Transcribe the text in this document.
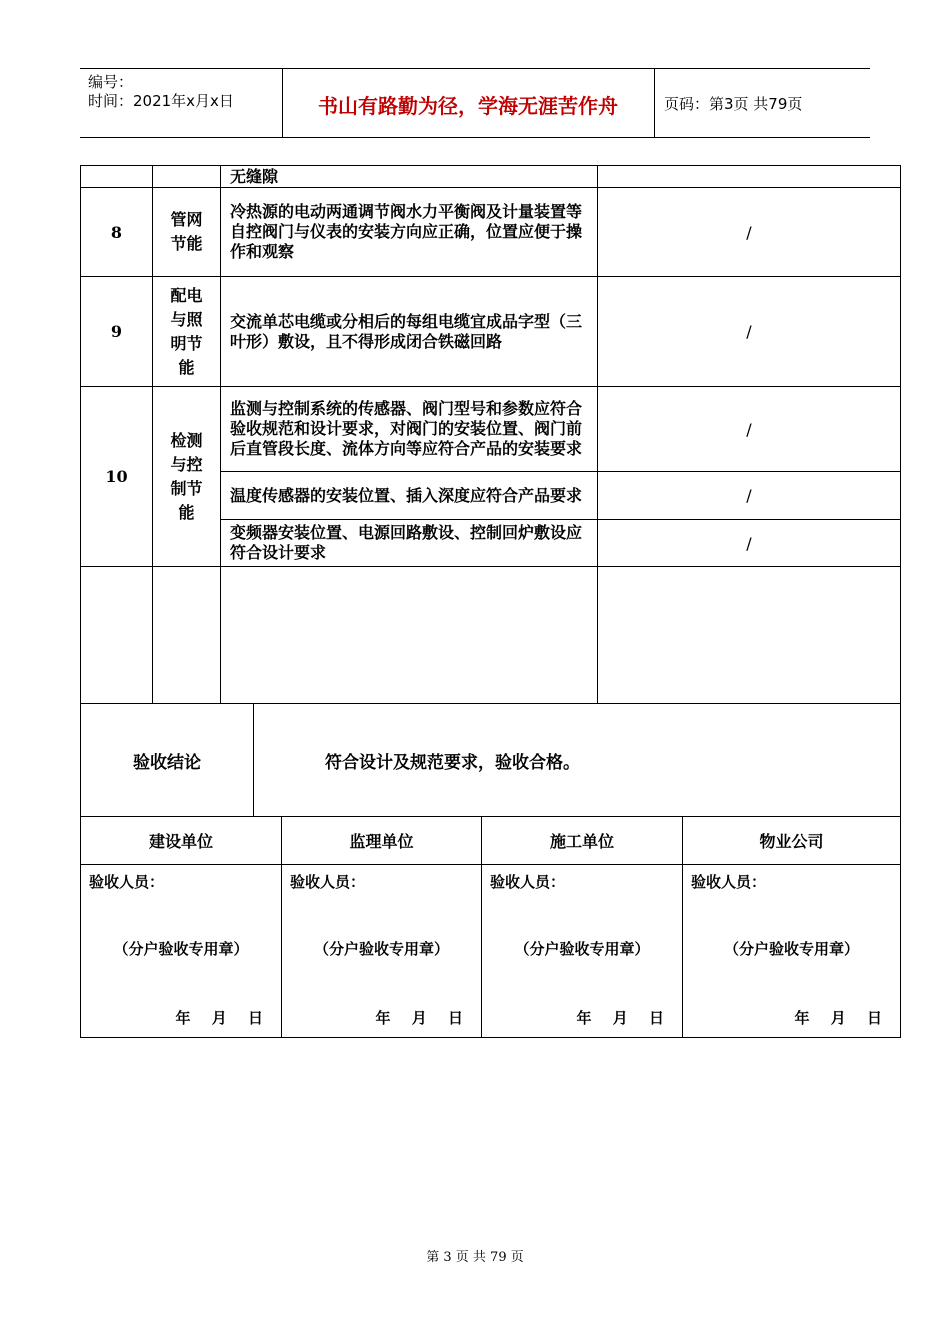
编号：
时间：2021年x月x日	书山有路勤为径，学海无涯苦作舟	页码：第3页 共79页
		无缝隙	
8	管网
节能	冷热源的电动两通调节阀水力平衡阀及计量装置等自控阀门与仪表的安装方向应正确，位置应便于操作和观察	/
9	配电
与照
明节
能	交流单芯电缆或分相后的每组电缆宜成品字型（三叶形）敷设，且不得形成闭合铁磁回路	/
10	检测
与控
制节
能	监测与控制系统的传感器、阀门型号和参数应符合验收规范和设计要求，对阀门的安装位置、阀门前后直管段长度、流体方向等应符合产品的安装要求	/
		温度传感器的安装位置、插入深度应符合产品要求	/
		变频器安装位置、电源回路敷设、控制回炉敷设应符合设计要求	/

验收结论	符合设计及规范要求，验收合格。
建设单位	监理单位	施工单位	物业公司

验收人员：
（分户验收专用章）
年 月 日	验收人员：
（分户验收专用章）
年 月 日	验收人员：
（分户验收专用章）
年 月 日	验收人员：
（分户验收专用章）
年 月 日
第 3 页 共 79 页
